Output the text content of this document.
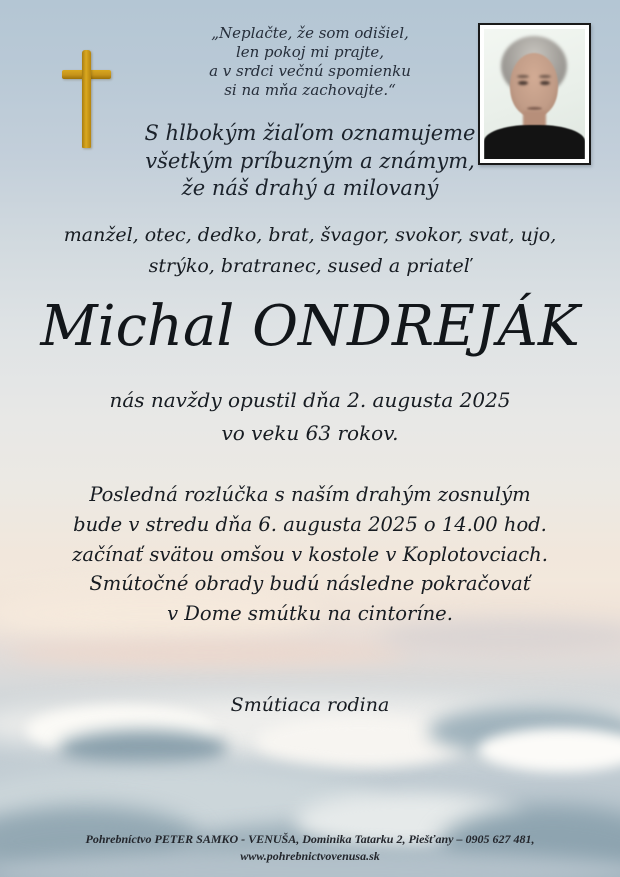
„Neplačte, že som odišiel,
len pokoj mi prajte,
a v srdci večnú spomienku
si na mňa zachovajte.“
S hlbokým žiaľom oznamujeme
všetkým príbuzným a známym,
že náš drahý a milovaný
manžel, otec, dedko, brat, švagor, svokor, svat, ujo,
strýko, bratranec, sused a priateľ
Michal ONDREJÁK
nás navždy opustil dňa 2. augusta 2025
vo veku 63 rokov.
Posledná rozlúčka s naším drahým zosnulým
bude v stredu dňa 6. augusta 2025 o 14.00 hod.
začínať svätou omšou v kostole v Koplotovciach.
Smútočné obrady budú následne pokračovať
v Dome smútku na cintoríne.
Smútiaca rodina
Pohrebníctvo PETER SAMKO - VENUŠA, Dominika Tatarku 2, Piešťany – 0905 627 481,
www.pohrebnictvovenusa.sk
